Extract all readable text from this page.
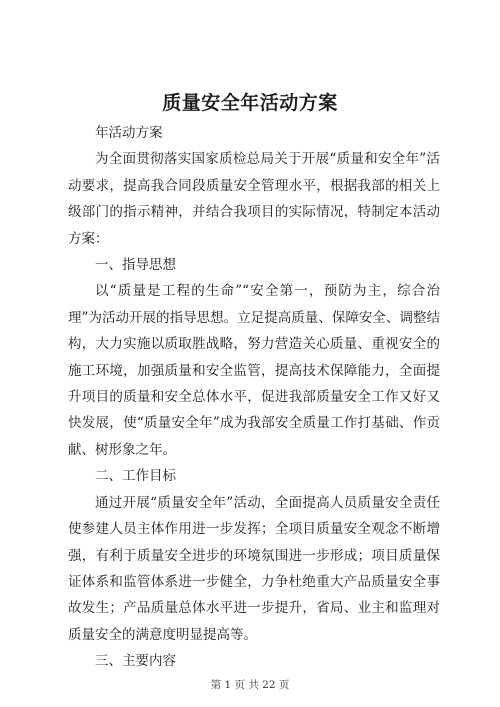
质量安全年活动方案

年活动方案

为全面贯彻落实国家质检总局关于开展“质量和安全年”活动要求，提高我合同段质量安全管理水平，根据我部的相关上级部门的指示精神，并结合我项目的实际情况，特制定本活动方案：

一、指导思想

以“质量是工程的生命”“安全第一，预防为主，综合治理”为活动开展的指导思想。立足提高质量、保障安全、调整结构，大力实施以质取胜战略，努力营造关心质量、重视安全的施工环境，加强质量和安全监管，提高技术保障能力，全面提升项目的质量和安全总体水平，促进我部质量安全工作又好又快发展，使“质量安全年”成为我部安全质量工作打基础、作贡献、树形象之年。

二、工作目标

通过开展“质量安全年”活动，全面提高人员质量安全责任使参建人员主体作用进一步发挥；全项目质量安全观念不断增强，有利于质量安全进步的环境氛围进一步形成；项目质量保证体系和监管体系进一步健全，力争杜绝重大产品质量安全事故发生；产品质量总体水平进一步提升，省局、业主和监理对质量安全的满意度明显提高等。

三、主要内容

第 1 页 共 22 页
